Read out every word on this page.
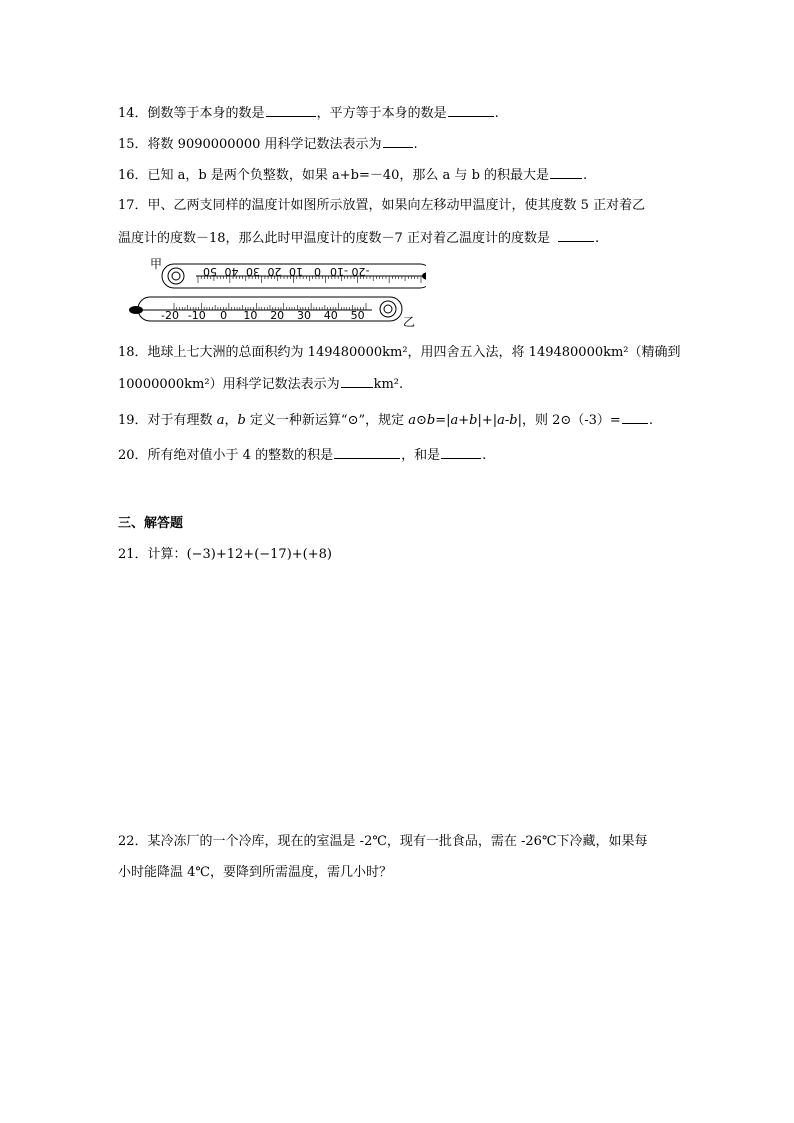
14．倒数等于本身的数是	，平方等于本身的数是	.
15．将数 9090000000 用科学记数法表示为 .
16．已知 a，b 是两个负整数，如果 a+b=－40，那么 a 与 b 的积最大是	.
17．甲、乙两支同样的温度计如图所示放置，如果向左移动甲温度计，使其度数 5 正对着乙
温度计的度数－18，那么此时甲温度计的度数－7 正对着乙温度计的度数是	.
50 40 30 20 10 0 -10 -20
甲
-20 -10 0 10 20 30 40 50	乙
18．地球上七大洲的总面积约为 149480000km²，用四舍五入法，将 149480000km²（精确到
10000000km²）用科学记数法表示为	km².
19．对于有理数 a，b 定义一种新运算“⊙”，规定 a⊙b=|a+b|+|a-b|，则 2⊙（-3）= .
20．所有绝对值小于 4 的整数的积是	，和是	.
三、解答题
21．计算：(−3)+12+(−17)+(+8)
22．某冷冻厂的一个冷库，现在的室温是 -2℃，现有一批食品，需在 -26℃下冷藏，如果每
小时能降温 4℃，要降到所需温度，需几小时？
